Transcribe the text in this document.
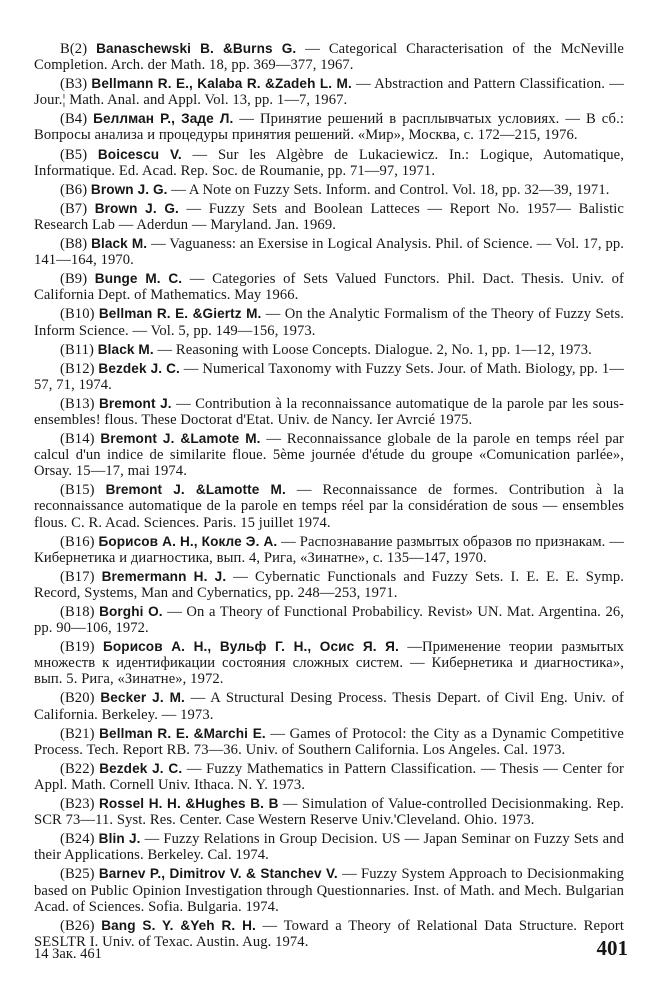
B(2) Banaschewski B. &Burns G. — Categorical Characterisation of the McNeville Completion. Arch. der Math. 18, pp. 369—377, 1967.

(B3) Bellmann R. E., Kalaba R. &Zadeh L. M. — Abstraction and Pattern Classification. — Jour.¦ Math. Anal. and Appl. Vol. 13, pp. 1—7, 1967.

(B4) Беллман Р., Заде Л. — Принятие решений в расплывчатых условиях. — В сб.: Вопросы анализа и процедуры принятия решений. «Мир», Москва, с. 172—215, 1976.

(B5) Boicescu V. — Sur les Algèbre de Lukaciewicz. In.: Logique, Automatique, Informatique. Ed. Acad. Rep. Soc. de Roumanie, pp. 71—97, 1971.

(B6) Brown J. G. — A Note on Fuzzy Sets. Inform. and Control. Vol. 18, pp. 32—39, 1971.

(B7) Brown J. G. — Fuzzy Sets and Boolean Latteces — Report No. 1957— Balistic Research Lab — Aderdun — Maryland. Jan. 1969.

(B8) Black M. — Vaguaness: an Exersise in Logical Analysis. Phil. of Science. — Vol. 17, pp. 141—164, 1970.

(B9) Bunge M. C. — Categories of Sets Valued Functors. Phil. Dact. Thesis. Univ. of California Dept. of Mathematics. May 1966.

(B10) Bellman R. E. &Giertz M. — On the Analytic Formalism of the Theory of Fuzzy Sets. Inform Science. — Vol. 5, pp. 149—156, 1973.

(B11) Black M. — Reasoning with Loose Concepts. Dialogue. 2, No. 1, pp. 1—12, 1973.

(B12) Bezdek J. C. — Numerical Taxonomy with Fuzzy Sets. Jour. of Math. Biology, pp. 1—57, 71, 1974.

(B13) Bremont J. — Contribution à la reconnaissance automatique de la parole par les sous-ensembles! flous. These Doctorat d'Etat. Univ. de Nancy. Ier Avrcié 1975.

(B14) Bremont J. &Lamote M. — Reconnaissance globale de la parole en temps réel par calcul d'un indice de similarite floue. 5ème journée d'étude du groupe «Comunication parlée», Orsay. 15—17, mai 1974.

(B15) Bremont J. &Lamotte M. — Reconnaissance de formes. Contribution à la reconnaissance automatique de la parole en temps réel par la considération de sous — ensembles flous. C. R. Acad. Sciences. Paris. 15 juillet 1974.

(B16) Борисов А. Н., Кокле Э. А. — Распознавание размытых образов по признакам. — Кибернетика и диагностика, вып. 4, Рига, «Зинатне», с. 135—147, 1970.

(B17) Bremermann H. J. — Cybernatic Functionals and Fuzzy Sets. I. E. E. E. Symp. Record, Systems, Man and Cybernatics, pp. 248—253, 1971.

(B18) Borghi O. — On a Theory of Functional Probabilicy. Revist» UN. Mat. Argentina. 26, pp. 90—106, 1972.

(B19) Борисов А. Н., Вульф Г. Н., Осис Я. Я. —Применение теории размытых множеств к идентификации состояния сложных систем. — Кибернетика и диагностика», вып. 5. Рига, «Зинатне», 1972.

(B20) Becker J. M. — A Structural Desing Process. Thesis Depart. of Civil Eng. Univ. of California. Berkeley. — 1973.

(B21) Bellman R. E. &Marchi E. — Games of Protocol: the City as a Dynamic Competitive Process. Tech. Report RB. 73—36. Univ. of Southern California. Los Angeles. Cal. 1973.

(B22) Bezdek J. C. — Fuzzy Mathematics in Pattern Classification. — Thesis — Center for Appl. Math. Cornell Univ. Ithaca. N. Y. 1973.

(B23) Rossel H. H. &Hughes B. B — Simulation of Value-controlled Decisionmaking. Rep. SCR 73—11. Syst. Res. Center. Case Western Reserve Univ.'Cleveland. Ohio. 1973.

(B24) Blin J. — Fuzzy Relations in Group Decision. US — Japan Seminar on Fuzzy Sets and their Applications. Berkeley. Cal. 1974.

(B25) Barnev P., Dimitrov V. & Stanchev V. — Fuzzy System Approach to Decisionmaking based on Public Opinion Investigation through Questionnaries. Inst. of Math. and Mech. Bulgarian Acad. of Sciences. Sofia. Bulgaria. 1974.

(B26) Bang S. Y. &Yeh R. H. — Toward a Theory of Relational Data Structure. Report SESLTR I. Univ. of Texac. Austin. Aug. 1974.

14 Зак. 461	401
